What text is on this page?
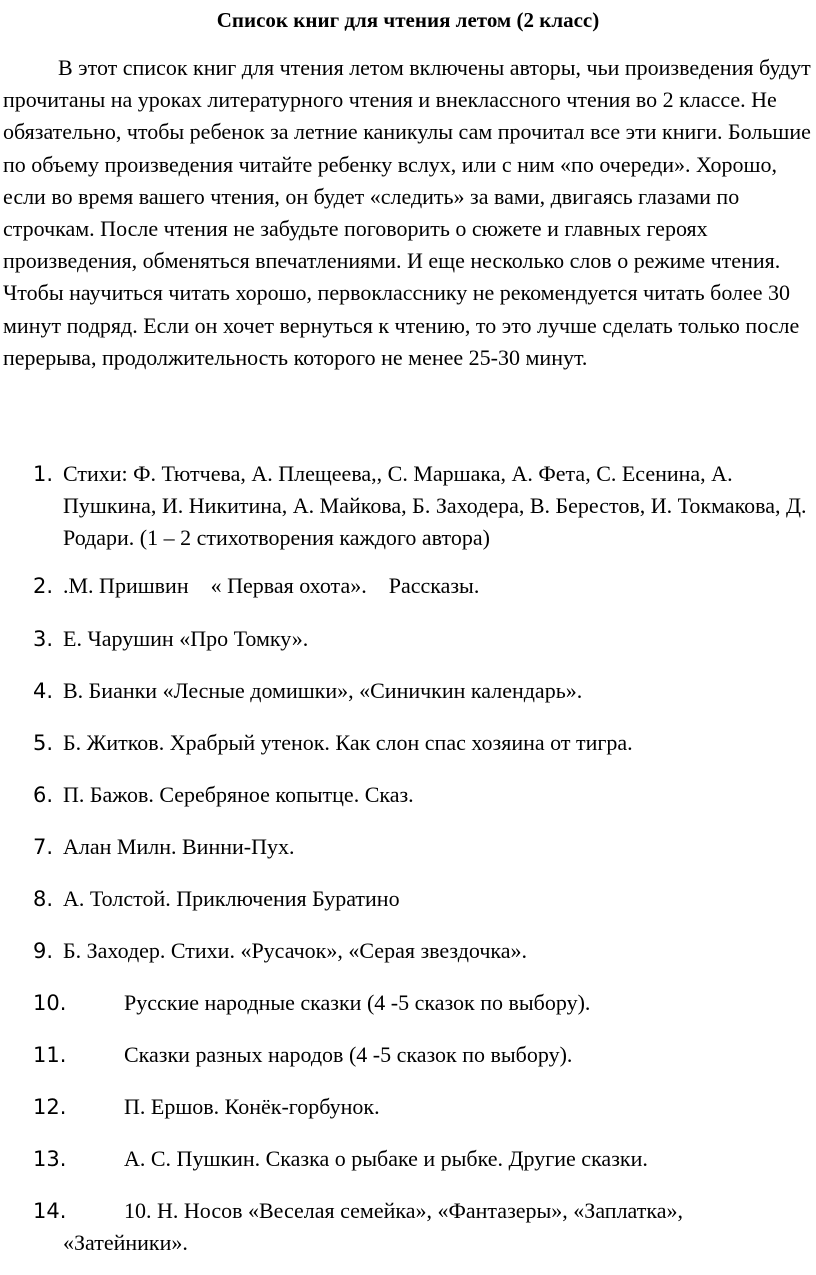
Список книг для чтения летом (2 класс)

В этот список книг для чтения летом включены авторы, чьи произведения будут прочитаны на уроках литературного чтения и внеклассного чтения во 2 классе. Не обязательно, чтобы ребенок за летние каникулы сам прочитал все эти книги. Большие по объему произведения читайте ребенку вслух, или с ним «по очереди». Хорошо, если во время вашего чтения, он будет «следить» за вами, двигаясь глазами по строчкам. После чтения не забудьте поговорить о сюжете и главных героях произведения, обменяться впечатлениями. И еще несколько слов о режиме чтения. Чтобы научиться читать хорошо, первокласснику не рекомендуется читать более 30 минут подряд. Если он хочет вернуться к чтению, то это лучше сделать только после перерыва, продолжительность которого не менее 25-30 минут.

1. Стихи: Ф. Тютчева, А. Плещеева,, С. Маршака, А. Фета, С. Есенина, А. Пушкина, И. Никитина, А. Майкова, Б. Заходера, В. Берестов, И. Токмакова, Д. Родари. (1 – 2 стихотворения каждого автора)
2. .М. Пришвин    « Первая охота».    Рассказы.
3. Е. Чарушин «Про Томку».
4. В. Бианки «Лесные домишки», «Синичкин календарь».
5. Б. Житков. Храбрый утенок. Как слон спас хозяина от тигра.
6. П. Бажов. Серебряное копытце. Сказ.
7. Алан Милн. Винни-Пух.
8. А. Толстой. Приключения Буратино
9. Б. Заходер. Стихи. «Русачок», «Серая звездочка».
10.	Русские народные сказки (4 -5 сказок по выбору).
11.	Сказки разных народов (4 -5 сказок по выбору).
12.	П. Ершов. Конёк-горбунок.
13.	А. С. Пушкин. Сказка о рыбаке и рыбке. Другие сказки.
14.	10. Н. Носов «Веселая семейка», «Фантазеры», «Заплатка», «Затейники».
